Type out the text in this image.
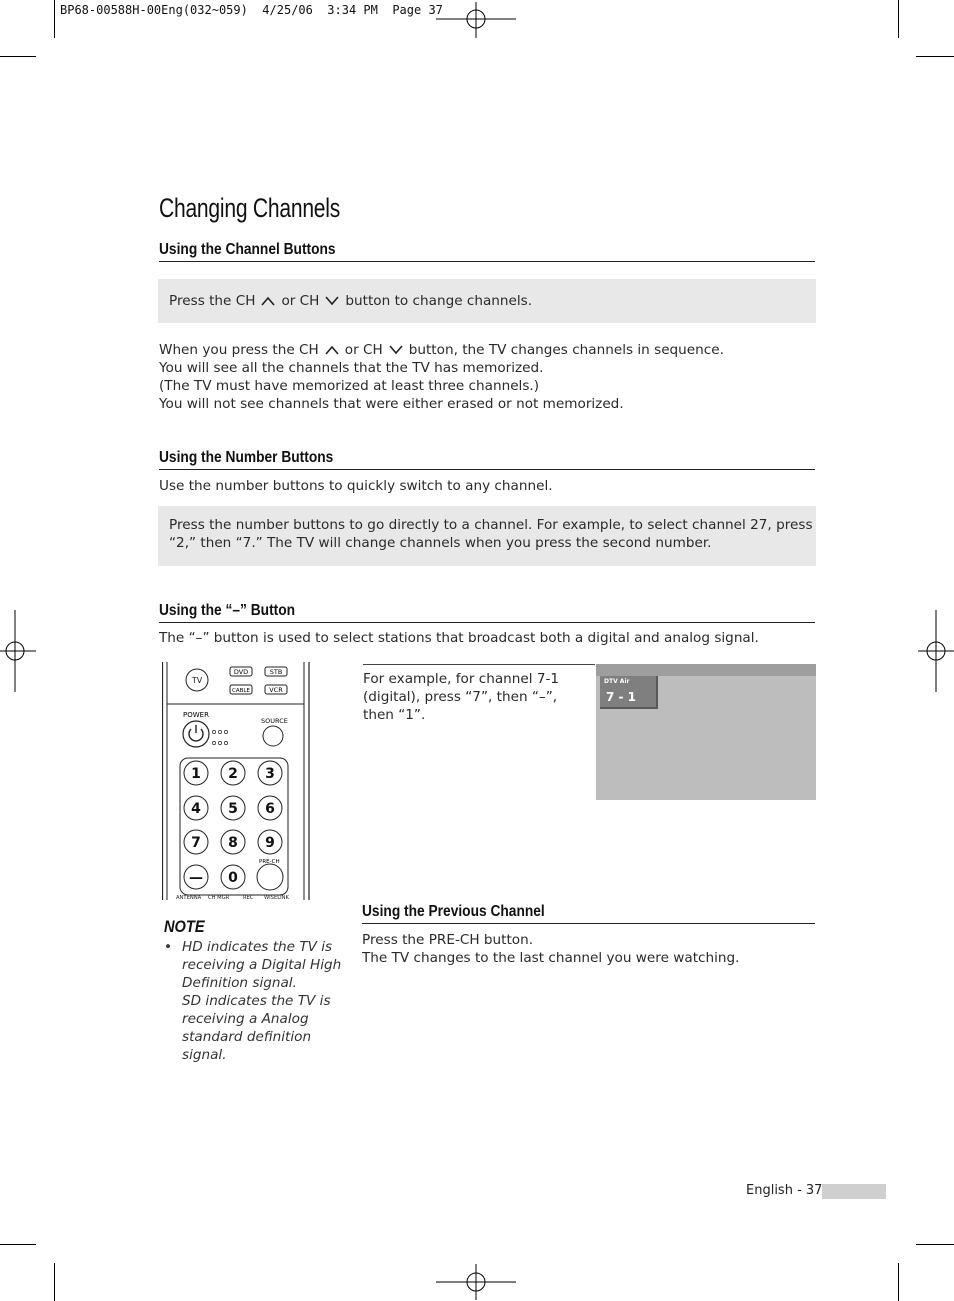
BP68-00588H-00Eng(032~059)  4/25/06  3:34 PM  Page 37
Changing Channels
Using the Channel Buttons
Press the CH or CH button to change channels.
When you press the CH or CH button, the TV changes channels in sequence.
You will see all the channels that the TV has memorized.
(The TV must have memorized at least three channels.)
You will not see channels that were either erased or not memorized.
Using the Number Buttons
Use the number buttons to quickly switch to any channel.
Press the number buttons to go directly to a channel. For example, to select channel 27, press
“2,” then “7.” The TV will change channels when you press the second number.
Using the “–” Button
The “–” button is used to select stations that broadcast both a digital and analog signal.
TV
DVD	STB
CABLE	VCR
POWER
SOURCE
1 2 3
4 5 6
7 8 9
— 0
PRE-CH
ANTENNA CH MGR	REC WISELINK
For example, for channel 7-1
(digital), press “7”, then “–”,
then “1”.
DTV Air
7 - 1
NOTE
• HD indicates the TV is
receiving a Digital High
Definition signal.
SD indicates the TV is
receiving a Analog
standard definition
signal.
Using the Previous Channel
Press the PRE-CH button.
The TV changes to the last channel you were watching.
English - 37
